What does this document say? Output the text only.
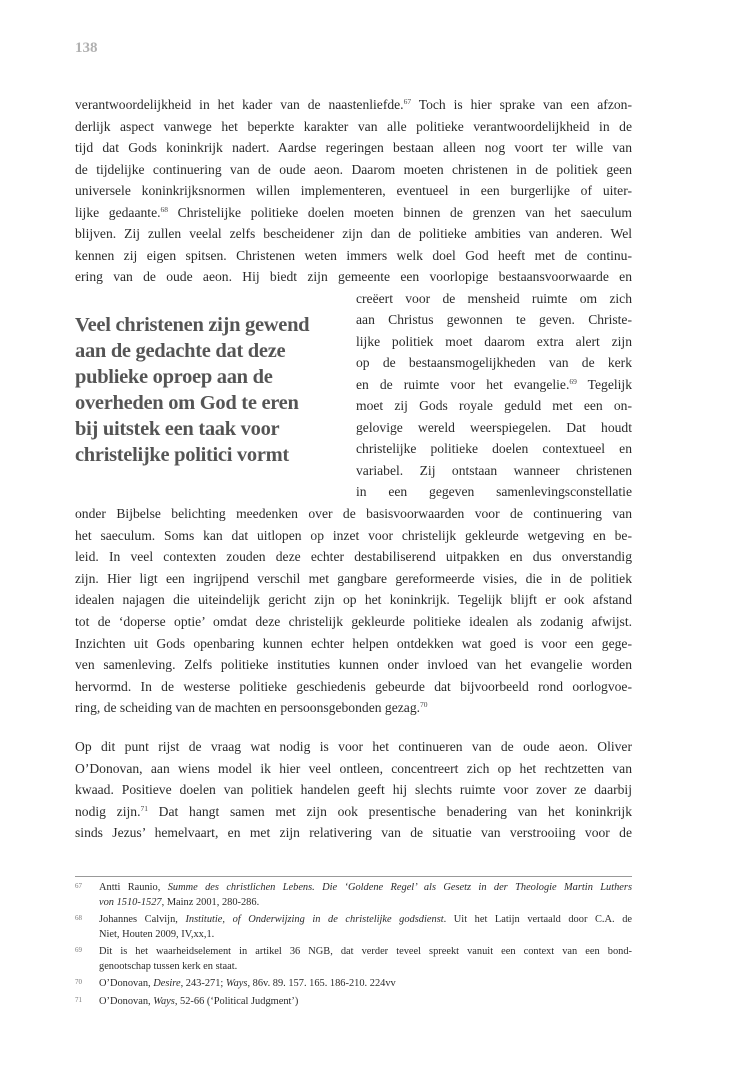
138
verantwoordelijkheid in het kader van de naastenliefde.$^{67}$ Toch is hier sprake van een afzon-
derlijk aspect vanwege het beperkte karakter van alle politieke verantwoordelijkheid in de
tijd dat Gods koninkrijk nadert. Aardse regeringen bestaan alleen nog voort ter wille van
de tijdelijke continuering van de oude aeon. Daarom moeten christenen in de politiek geen
universele koninkrijksnormen willen implementeren, eventueel in een burgerlijke of uiter-
lijke gedaante.$^{68}$ Christelijke politieke doelen moeten binnen de grenzen van het saeculum
blijven. Zij zullen veelal zelfs bescheidener zijn dan de politieke ambities van anderen. Wel
kennen zij eigen spitsen. Christenen weten immers welk doel God heeft met de continu-
ering van de oude aeon. Hij biedt zijn gemeente een voorlopige bestaansvoorwaarde en
creëert voor de mensheid ruimte om zich
aan Christus gewonnen te geven. Christe-
lijke politiek moet daarom extra alert zijn
op de bestaansmogelijkheden van de kerk
en de ruimte voor het evangelie.$^{69}$ Tegelijk
moet zij Gods royale geduld met een on-
gelovige wereld weerspiegelen. Dat houdt
christelijke politieke doelen contextueel en
variabel. Zij ontstaan wanneer christenen
in een gegeven samenlevingsconstellatie
onder Bijbelse belichting meedenken over de basisvoorwaarden voor de continuering van
het saeculum. Soms kan dat uitlopen op inzet voor christelijk gekleurde wetgeving en be-
leid. In veel contexten zouden deze echter destabiliserend uitpakken en dus onverstandig
zijn. Hier ligt een ingrijpend verschil met gangbare gereformeerde visies, die in de politiek
idealen najagen die uiteindelijk gericht zijn op het koninkrijk. Tegelijk blijft er ook afstand
tot de ‘doperse optie’ omdat deze christelijk gekleurde politieke idealen als zodanig afwijst.
Inzichten uit Gods openbaring kunnen echter helpen ontdekken wat goed is voor een gege-
ven samenleving. Zelfs politieke instituties kunnen onder invloed van het evangelie worden
hervormd. In de westerse politieke geschiedenis gebeurde dat bijvoorbeeld rond oorlogvoe-
ring, de scheiding van de machten en persoonsgebonden gezag.$^{70}$
Op dit punt rijst de vraag wat nodig is voor het continueren van de oude aeon. Oliver
O’Donovan, aan wiens model ik hier veel ontleen, concentreert zich op het rechtzetten van
kwaad. Positieve doelen van politiek handelen geeft hij slechts ruimte voor zover ze daarbij
nodig zijn.$^{71}$ Dat hangt samen met zijn ook presentische benadering van het koninkrijk
sinds Jezus’ hemelvaart, en met zijn relativering van de situatie van verstrooiing voor de
Veel christenen zijn gewend
aan de gedachte dat deze
publieke oproep aan de
overheden om God te eren
bij uitstek een taak voor
christelijke politici vormt
67 Antti Raunio, Summe des christlichen Lebens. Die ‘Goldene Regel’ als Gesetz in der Theologie Martin Luthers
von 1510-1527, Mainz 2001, 280-286.
68 Johannes Calvijn, Institutie, of Onderwijzing in de christelijke godsdienst. Uit het Latijn vertaald door C.A. de
Niet, Houten 2009, IV,xx,1.
69 Dit is het waarheidselement in artikel 36 NGB, dat verder teveel spreekt vanuit een context van een bond-
genootschap tussen kerk en staat.
70 O’Donovan, Desire, 243-271; Ways, 86v. 89. 157. 165. 186-210. 224vv
71 O’Donovan, Ways, 52-66 (‘Political Judgment’)
